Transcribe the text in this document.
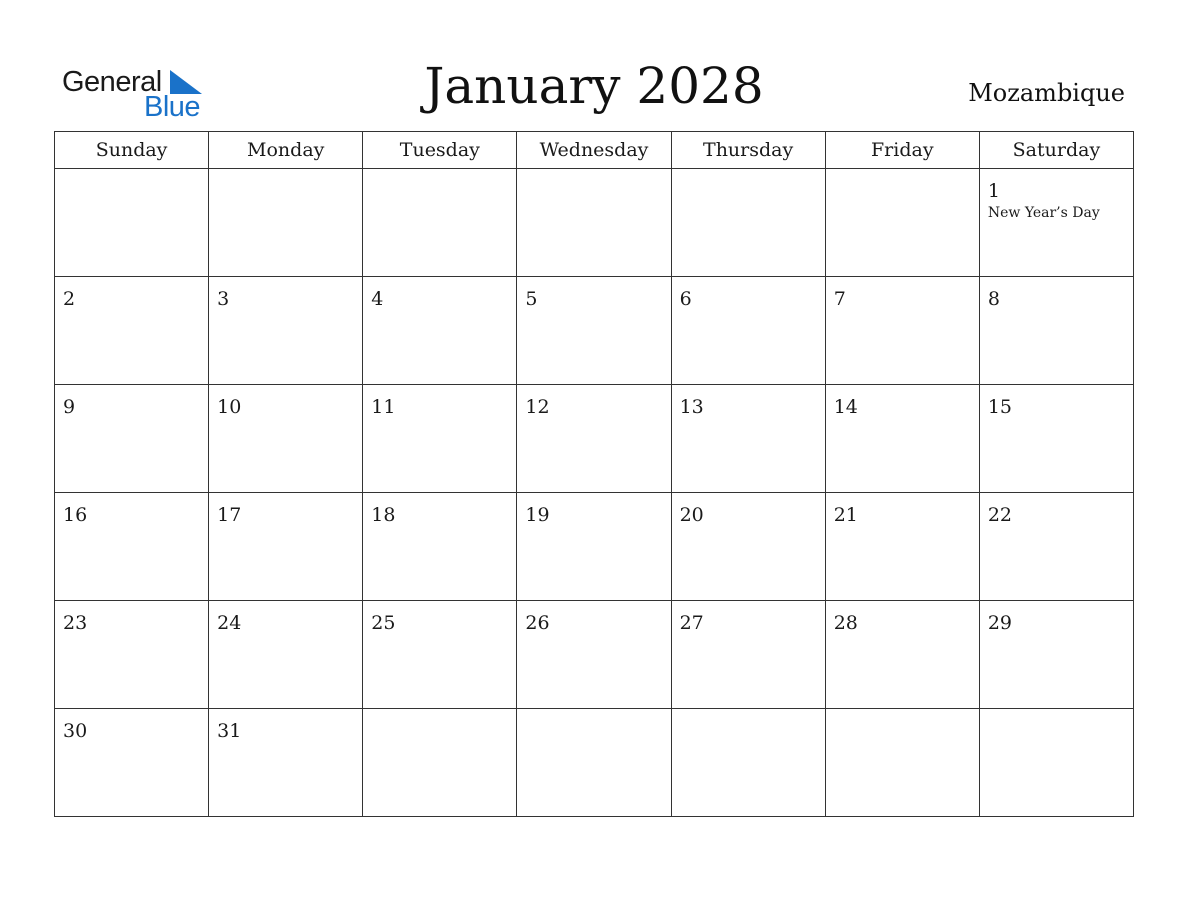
General
Blue	January 2028	Mozambique
Sunday	Monday	Tuesday	Wednesday	Thursday	Friday	Saturday

						1
New Year’s Day

2	3	4	5	6	7	8

9	10	11	12	13	14	15

16	17	18	19	20	21	22

23	24	25	26	27	28	29

30	31					
